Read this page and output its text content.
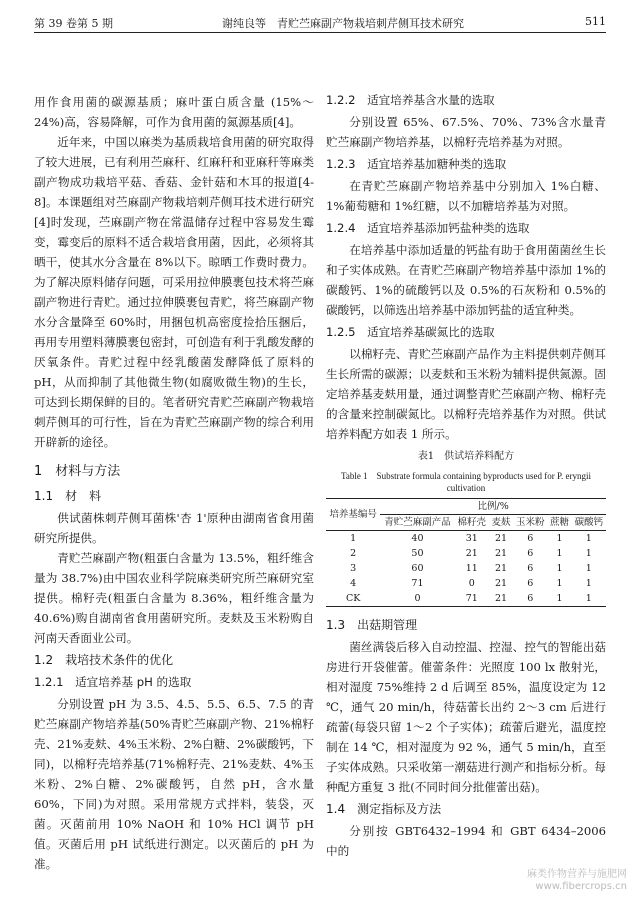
第 39 卷第 5 期	谢纯良等　青贮苎麻副产物栽培刺芹侧耳技术研究	511

用作食用菌的碳源基质；麻叶蛋白质含量 (15%～24%)高，容易降解，可作为食用菌的氮源基质[4]。

近年来，中国以麻类为基质栽培食用菌的研究取得了较大进展，已有利用苎麻秆、红麻秆和亚麻秆等麻类副产物成功栽培平菇、香菇、金针菇和木耳的报道[4-8]。本课题组对苎麻副产物栽培刺芹侧耳技术进行研究[4]时发现，苎麻副产物在常温储存过程中容易发生霉变，霉变后的原料不适合栽培食用菌，因此，必须将其晒干，使其水分含量在 8%以下。晾晒工作费时费力。为了解决原料储存问题，可采用拉伸膜裹包技术将苎麻副产物进行青贮。通过拉伸膜裹包青贮，将苎麻副产物水分含量降至 60%时，用捆包机高密度捡拾压捆后，再用专用塑料薄膜裹包密封，可创造有利于乳酸发酵的厌氧条件。青贮过程中经乳酸菌发酵降低了原料的 pH，从而抑制了其他微生物(如腐败微生物)的生长，可达到长期保鲜的目的。笔者研究青贮苎麻副产物栽培刺芹侧耳的可行性，旨在为青贮苎麻副产物的综合利用开辟新的途径。

1　材料与方法
1.1　材　料

供试菌株刺芹侧耳菌株'杏 1'原种由湖南省食用菌研究所提供。

青贮苎麻副产物(粗蛋白含量为 13.5%，粗纤维含量为 38.7%)由中国农业科学院麻类研究所苎麻研究室提供。棉籽壳(粗蛋白含量为 8.36%，粗纤维含量为 40.6%)购自湖南省食用菌研究所。麦麸及玉米粉购自河南天香面业公司。

1.2　栽培技术条件的优化
1.2.1　适宜培养基 pH 的选取

分别设置 pH 为 3.5、4.5、5.5、6.5、7.5 的青贮苎麻副产物培养基(50%青贮苎麻副产物、21%棉籽壳、21%麦麸、4%玉米粉、2%白糖、2%碳酸钙，下同)，以棉籽壳培养基(71%棉籽壳、21%麦麸、4%玉米粉、2%白糖、2%碳酸钙，自然 pH，含水量 60%，下同)为对照。采用常规方式拌料，装袋，灭菌。灭菌前用 10% NaOH 和 10% HCl 调节 pH 值。灭菌后用 pH 试纸进行测定。以灭菌后的 pH 为准。

1.2.2　适宜培养基含水量的选取

分别设置 65%、67.5%、70%、73%含水量青贮苎麻副产物培养基，以棉籽壳培养基为对照。

1.2.3　适宜培养基加糖种类的选取

在青贮苎麻副产物培养基中分别加入 1%白糖、1%葡萄糖和 1%红糖，以不加糖培养基为对照。

1.2.4　适宜培养基添加钙盐种类的选取

在培养基中添加适量的钙盐有助于食用菌菌丝生长和子实体成熟。在青贮苎麻副产物培养基中添加 1%的碳酸钙、1%的硫酸钙以及 0.5%的石灰粉和 0.5%的碳酸钙，以筛选出培养基中添加钙盐的适宜种类。

1.2.5　适宜培养基碳氮比的选取

以棉籽壳、青贮苎麻副产品作为主料提供刺芹侧耳生长所需的碳源；以麦麸和玉米粉为辅料提供氮源。固定培养基麦麸用量，通过调整青贮苎麻副产物、棉籽壳的含量来控制碳氮比。以棉籽壳培养基作为对照。供试培养料配方如表 1 所示。

表1　供试培养料配方
Table 1　Substrate formula containing byproducts used for P. eryngii cultivation
培养基编号	比例/%					
	青贮苎麻副产品	棉籽壳	麦麸	玉米粉	蔗糖	碳酸钙
1	40	31	21	6	1	1
2	50	21	21	6	1	1
3	60	11	21	6	1	1
4	71	0	21	6	1	1
CK	0	71	21	6	1	1
1.3　出菇期管理

菌丝满袋后移入自动控温、控湿、控气的智能出菇房进行开袋催蕾。催蕾条件：光照度 100 lx 散射光，相对湿度 75%维持 2 d 后调至 85%，温度设定为 12 ℃，通气 20 min/h，待菇蕾长出约 2～3 cm 后进行疏蕾(每袋只留 1～2 个子实体)；疏蕾后避光，温度控制在 14 ℃，相对湿度为 92 %，通气 5 min/h，直至子实体成熟。只采收第一潮菇进行测产和指标分析。每种配方重复 3 批(不同时间分批催蕾出菇)。

1.4　测定指标及方法

分别按 GBT6432–1994 和 GBT 6434–2006 中的

麻类作物营养与施肥网
www.fibercrops.cn
